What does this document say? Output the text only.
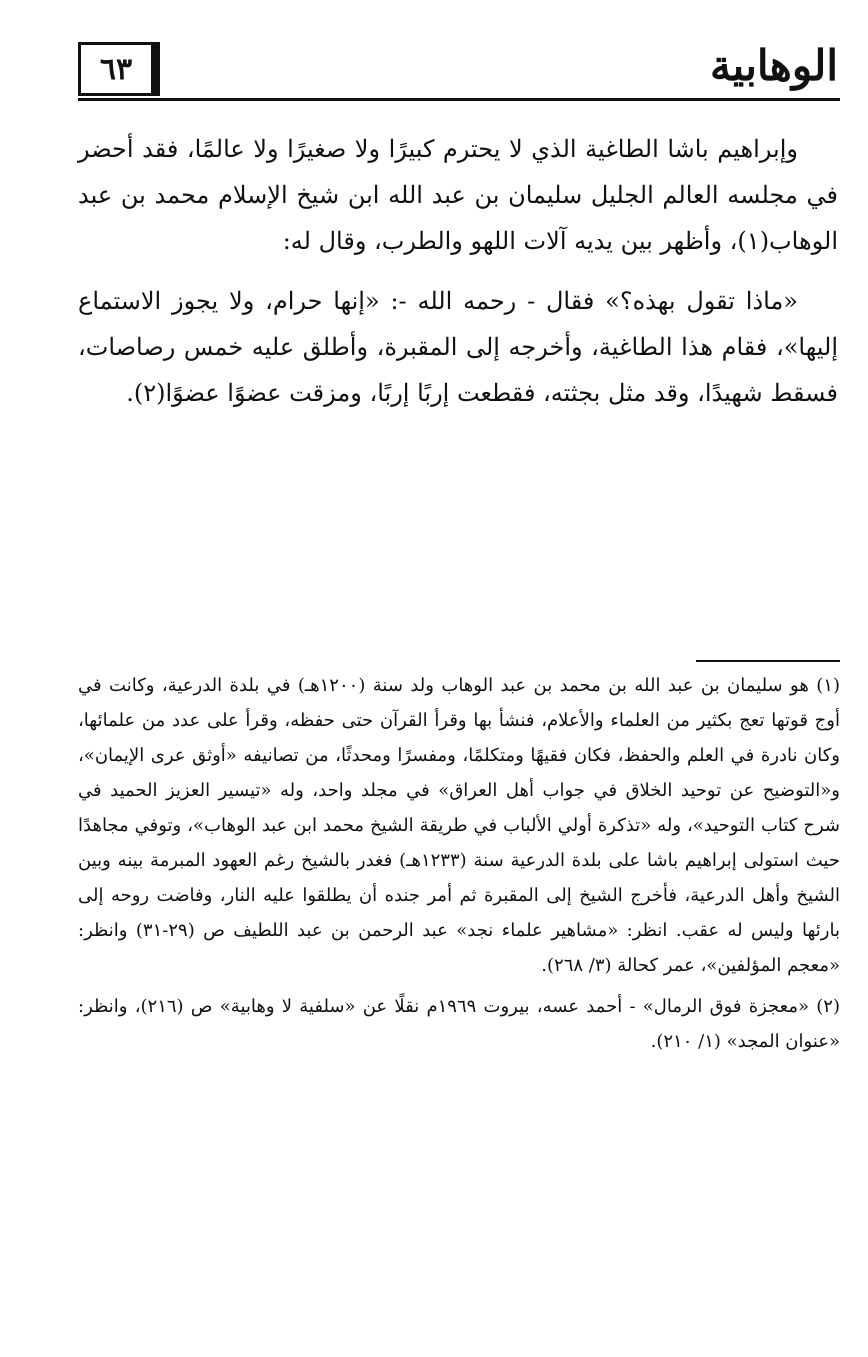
٦٣	الوهابية

وإبراهيم باشا الطاغية الذي لا يحترم كبيرًا ولا صغيرًا ولا عالمًا، فقد أحضر في مجلسه العالم الجليل سليمان بن عبد الله ابن شيخ الإسلام محمد بن عبد الوهاب(١)، وأظهر بين يديه آلات اللهو والطرب، وقال له:

«ماذا تقول بهذه؟» فقال - رحمه الله -: «إنها حرام، ولا يجوز الاستماع إليها»، فقام هذا الطاغية، وأخرجه إلى المقبرة، وأطلق عليه خمس رصاصات، فسقط شهيدًا، وقد مثل بجثته، فقطعت إربًا إربًا، ومزقت عضوًا عضوًا(٢).

(١) هو سليمان بن عبد الله بن محمد بن عبد الوهاب ولد سنة (١٢٠٠هـ) في بلدة الدرعية، وكانت في أوج قوتها تعج بكثير من العلماء والأعلام، فنشأ بها وقرأ القرآن حتى حفظه، وقرأ على عدد من علمائها، وكان نادرة في العلم والحفظ، فكان فقيهًا ومتكلمًا، ومفسرًا ومحدثًا، من تصانيفه «أوثق عرى الإيمان»، و«التوضيح عن توحيد الخلاق في جواب أهل العراق» في مجلد واحد، وله «تيسير العزيز الحميد في شرح كتاب التوحيد»، وله «تذكرة أولي الألباب في طريقة الشيخ محمد ابن عبد الوهاب»، وتوفي مجاهدًا حيث استولى إبراهيم باشا على بلدة الدرعية سنة (١٢٣٣هـ) فغدر بالشيخ رغم العهود المبرمة بينه وبين الشيخ وأهل الدرعية، فأخرج الشيخ إلى المقبرة ثم أمر جنده أن يطلقوا عليه النار، وفاضت روحه إلى بارئها وليس له عقب. انظر: «مشاهير علماء نجد» عبد الرحمن بن عبد اللطيف ص (٢٩-٣١) وانظر: «معجم المؤلفين»، عمر كحالة (٣/ ٢٦٨).

(٢) «معجزة فوق الرمال» - أحمد عسه، بيروت ١٩٦٩م نقلًا عن «سلفية لا وهابية» ص (٢١٦)، وانظر: «عنوان المجد» (١/ ٢١٠).
